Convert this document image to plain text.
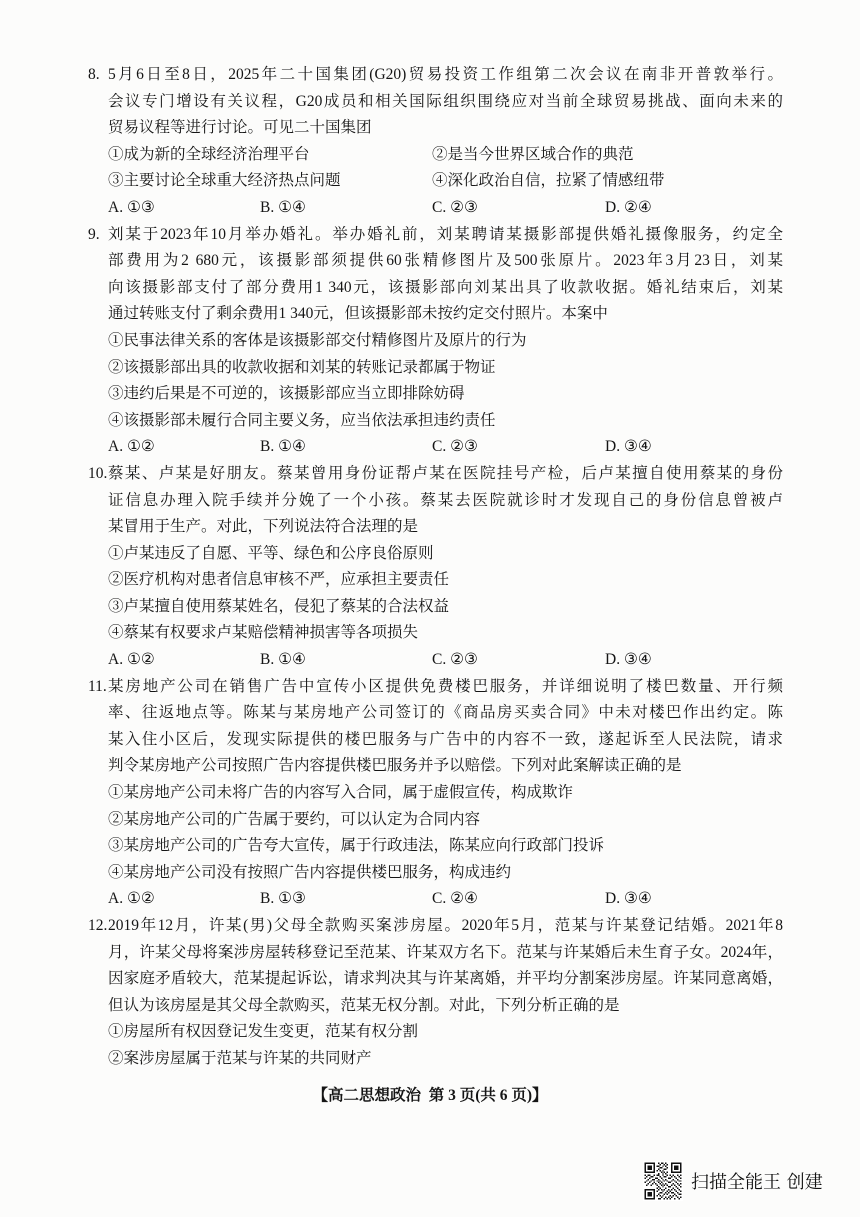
8. 5月6日至8日，2025年二十国集团(G20)贸易投资工作组第二次会议在南非开普敦举行。
会议专门增设有关议程，G20成员和相关国际组织围绕应对当前全球贸易挑战、面向未来的
贸易议程等进行讨论。可见二十国集团
①成为新的全球经济治理平台	②是当今世界区域合作的典范
③主要讨论全球重大经济热点问题	④深化政治自信，拉紧了情感纽带
A. ①③	B. ①④	C. ②③	D. ②④
9. 刘某于2023年10月举办婚礼。举办婚礼前，刘某聘请某摄影部提供婚礼摄像服务，约定全
部费用为2 680元，该摄影部须提供60张精修图片及500张原片。2023年3月23日，刘某
向该摄影部支付了部分费用1 340元，该摄影部向刘某出具了收款收据。婚礼结束后，刘某
通过转账支付了剩余费用1 340元，但该摄影部未按约定交付照片。本案中
①民事法律关系的客体是该摄影部交付精修图片及原片的行为
②该摄影部出具的收款收据和刘某的转账记录都属于物证
③违约后果是不可逆的，该摄影部应当立即排除妨碍
④该摄影部未履行合同主要义务，应当依法承担违约责任
A. ①②	B. ①④	C. ②③	D. ③④
10. 蔡某、卢某是好朋友。蔡某曾用身份证帮卢某在医院挂号产检，后卢某擅自使用蔡某的身份
证信息办理入院手续并分娩了一个小孩。蔡某去医院就诊时才发现自己的身份信息曾被卢
某冒用于生产。对此，下列说法符合法理的是
①卢某违反了自愿、平等、绿色和公序良俗原则
②医疗机构对患者信息审核不严，应承担主要责任
③卢某擅自使用蔡某姓名，侵犯了蔡某的合法权益
④蔡某有权要求卢某赔偿精神损害等各项损失
A. ①②	B. ①④	C. ②③	D. ③④
11. 某房地产公司在销售广告中宣传小区提供免费楼巴服务，并详细说明了楼巴数量、开行频
率、往返地点等。陈某与某房地产公司签订的《商品房买卖合同》中未对楼巴作出约定。陈
某入住小区后，发现实际提供的楼巴服务与广告中的内容不一致，遂起诉至人民法院，请求
判令某房地产公司按照广告内容提供楼巴服务并予以赔偿。下列对此案解读正确的是
①某房地产公司未将广告的内容写入合同，属于虚假宣传，构成欺诈
②某房地产公司的广告属于要约，可以认定为合同内容
③某房地产公司的广告夸大宣传，属于行政违法，陈某应向行政部门投诉
④某房地产公司没有按照广告内容提供楼巴服务，构成违约
A. ①②	B. ①③	C. ②④	D. ③④
12. 2019年12月，许某(男)父母全款购买案涉房屋。2020年5月，范某与许某登记结婚。2021年8
月，许某父母将案涉房屋转移登记至范某、许某双方名下。范某与许某婚后未生育子女。2024年，
因家庭矛盾较大，范某提起诉讼，请求判决其与许某离婚，并平均分割案涉房屋。许某同意离婚，
但认为该房屋是其父母全款购买，范某无权分割。对此，下列分析正确的是
①房屋所有权因登记发生变更，范某有权分割
②案涉房屋属于范某与许某的共同财产
【高二思想政治  第 3 页(共 6 页)】
扫描全能王 创建
